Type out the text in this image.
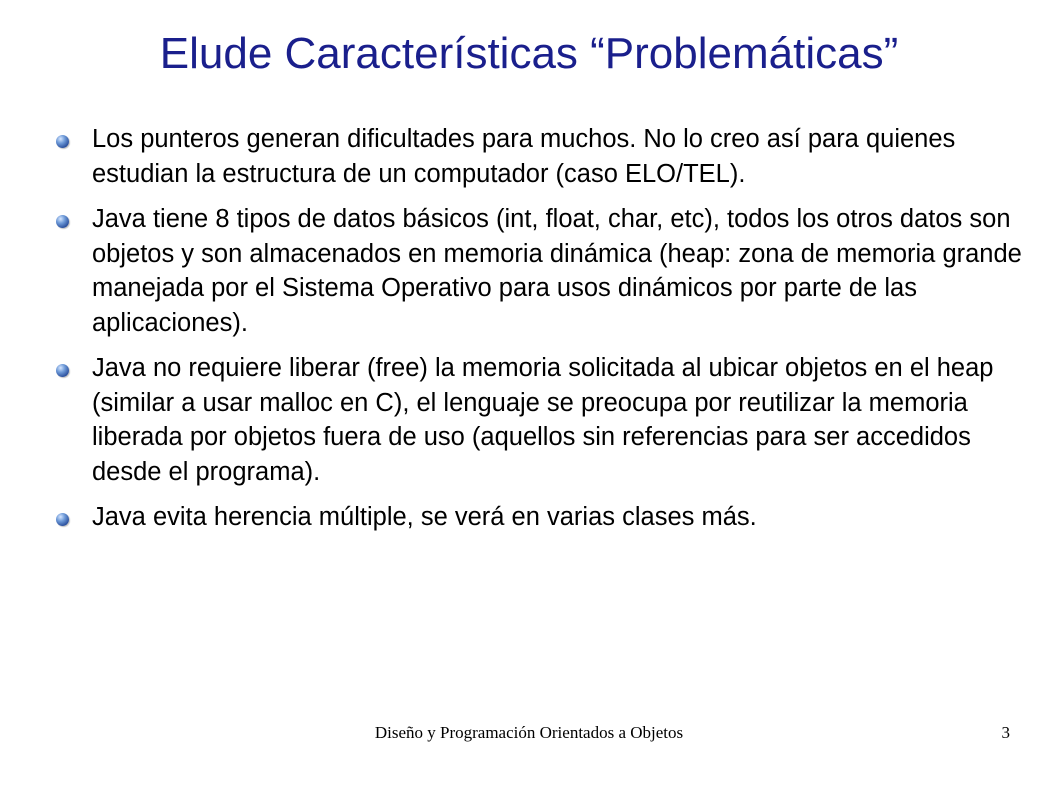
Elude Características “Problemáticas”
Los punteros generan dificultades para muchos. No lo creo así para quienes estudian la estructura de un computador (caso ELO/TEL).
Java tiene 8 tipos de datos básicos (int, float, char, etc), todos los otros datos son objetos y son almacenados en memoria dinámica (heap: zona de memoria grande manejada por el Sistema Operativo para usos dinámicos por parte de las aplicaciones).
Java no requiere liberar (free) la memoria solicitada al ubicar objetos en el heap (similar a usar malloc en C), el lenguaje se preocupa por reutilizar la memoria liberada por objetos fuera de uso (aquellos sin referencias para ser accedidos desde el programa).
Java evita herencia múltiple, se verá en varias clases más.
Diseño y Programación Orientados a Objetos	3
